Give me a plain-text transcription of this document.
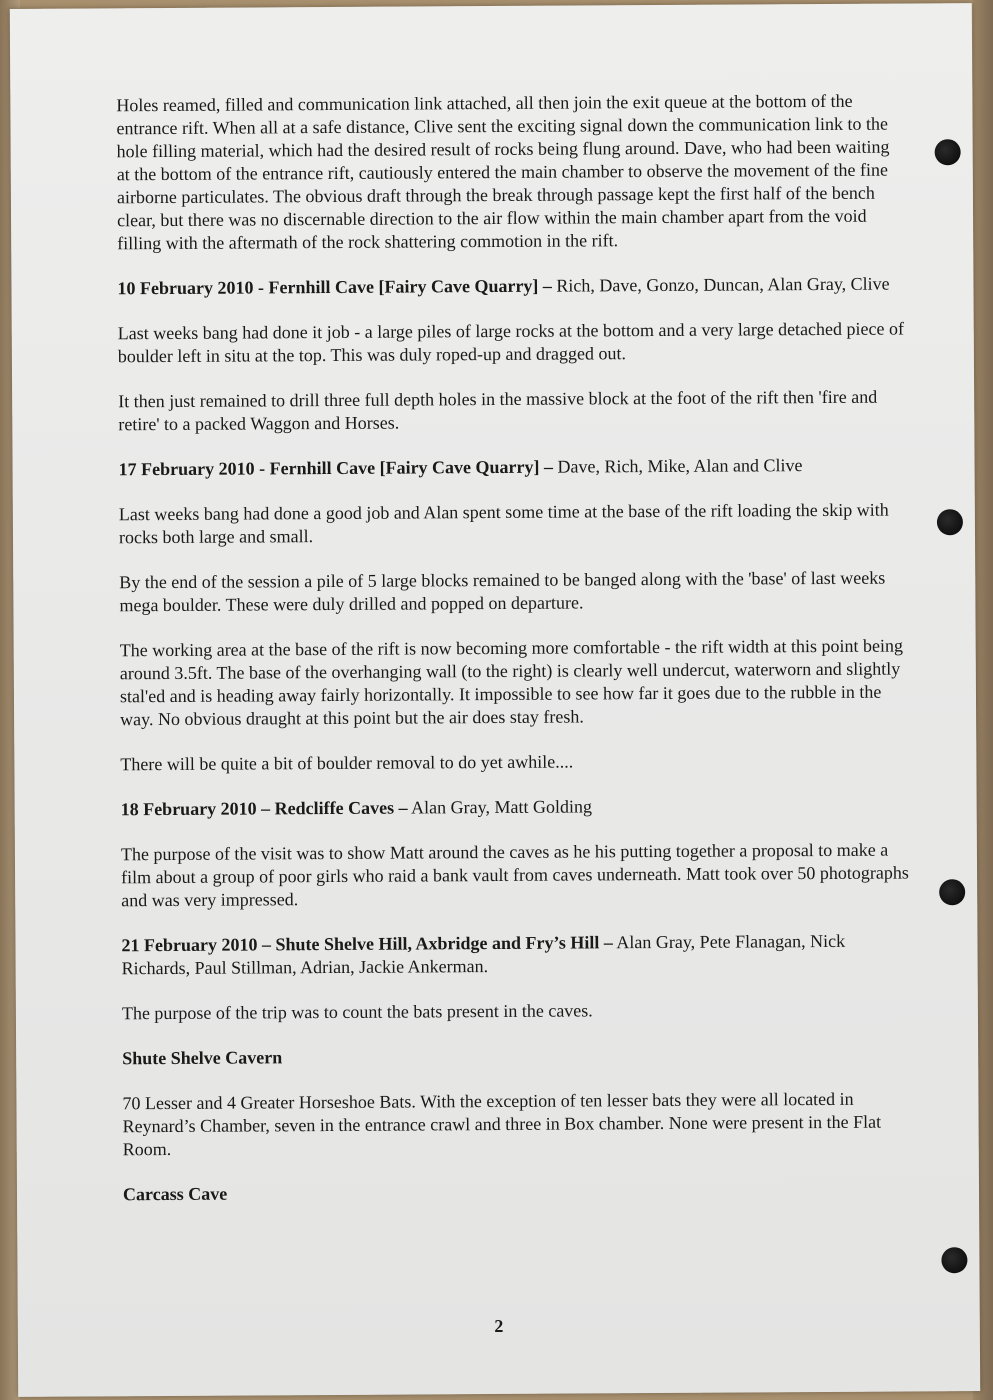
Holes reamed, filled and communication link attached, all then join the exit queue at the bottom of the entrance rift. When all at a safe distance, Clive sent the exciting signal down the communication link to the hole filling material, which had the desired result of rocks being flung around. Dave, who had been waiting at the bottom of the entrance rift, cautiously entered the main chamber to observe the movement of the fine airborne particulates. The obvious draft through the break through passage kept the first half of the bench clear, but there was no discernable direction to the air flow within the main chamber apart from the void filling with the aftermath of the rock shattering commotion in the rift.

10 February 2010 - Fernhill Cave [Fairy Cave Quarry] – Rich, Dave, Gonzo, Duncan, Alan Gray, Clive

Last weeks bang had done it job - a large piles of large rocks at the bottom and a very large detached piece of boulder left in situ at the top. This was duly roped-up and dragged out.

It then just remained to drill three full depth holes in the massive block at the foot of the rift then 'fire and retire' to a packed Waggon and Horses.

17 February 2010 - Fernhill Cave [Fairy Cave Quarry] – Dave, Rich, Mike, Alan and Clive

Last weeks bang had done a good job and Alan spent some time at the base of the rift loading the skip with rocks both large and small.

By the end of the session a pile of 5 large blocks remained to be banged along with the 'base' of last weeks mega boulder. These were duly drilled and popped on departure.

The working area at the base of the rift is now becoming more comfortable - the rift width at this point being around 3.5ft. The base of the overhanging wall (to the right) is clearly well undercut, waterworn and slightly stal'ed and is heading away fairly horizontally. It impossible to see how far it goes due to the rubble in the way. No obvious draught at this point but the air does stay fresh.

There will be quite a bit of boulder removal to do yet awhile....

18 February 2010 – Redcliffe Caves – Alan Gray, Matt Golding

The purpose of the visit was to show Matt around the caves as he his putting together a proposal to make a film about a group of poor girls who raid a bank vault from caves underneath. Matt took over 50 photographs and was very impressed.

21 February 2010 – Shute Shelve Hill, Axbridge and Fry’s Hill – Alan Gray, Pete Flanagan, Nick Richards, Paul Stillman, Adrian, Jackie Ankerman.

The purpose of the trip was to count the bats present in the caves.

Shute Shelve Cavern

70 Lesser and 4 Greater Horseshoe Bats. With the exception of ten lesser bats they were all located in Reynard’s Chamber, seven in the entrance crawl and three in Box chamber. None were present in the Flat Room.

Carcass Cave

2
